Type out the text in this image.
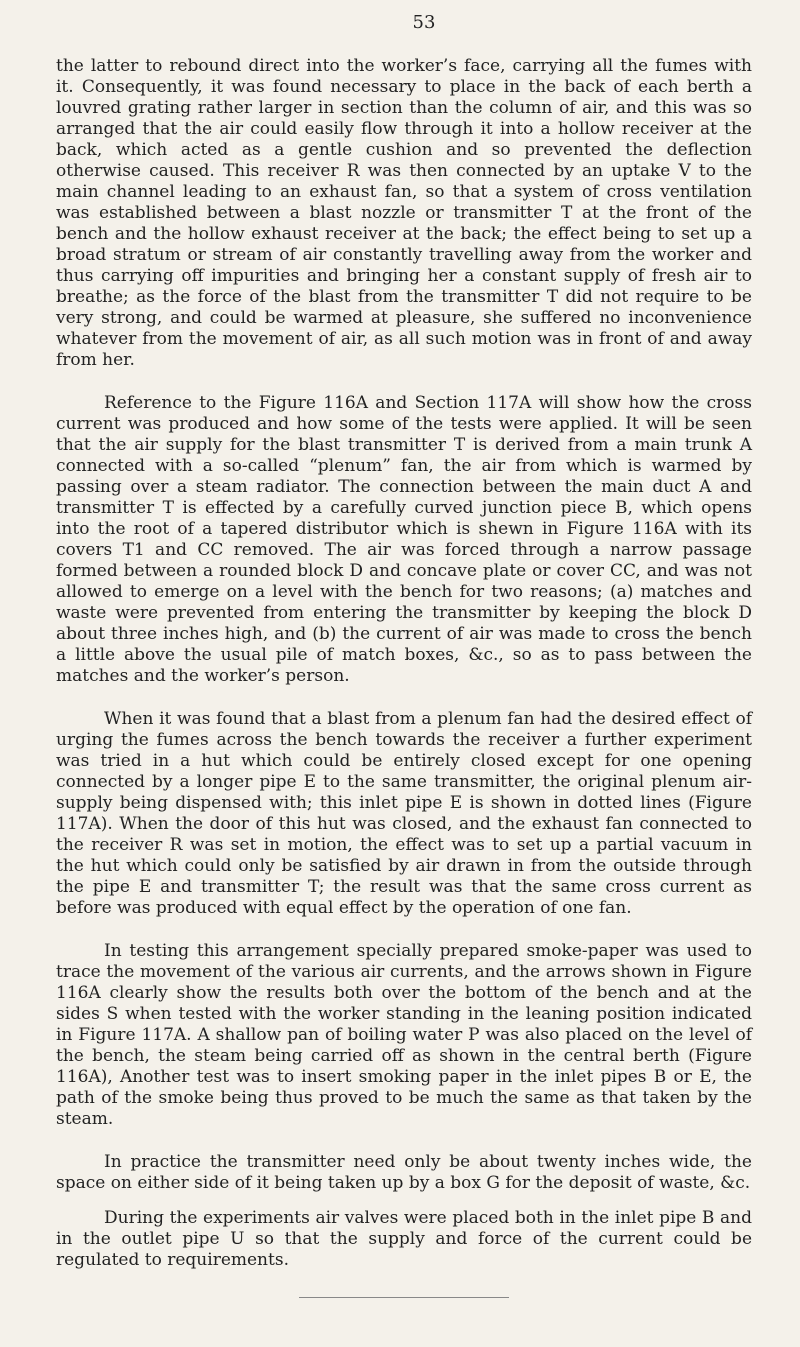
53

the latter to rebound direct into the worker’s face, carrying all the fumes with it. Consequently, it was found necessary to place in the back of each berth a louvred grating rather larger in section than the column of air, and this was so arranged that the air could easily flow through it into a hollow receiver at the back, which acted as a gentle cushion and so prevented the deflection otherwise caused. This receiver R was then connected by an uptake V to the main channel leading to an exhaust fan, so that a system of cross ventilation was established between a blast nozzle or transmitter T at the front of the bench and the hollow exhaust receiver at the back; the effect being to set up a broad stratum or stream of air constantly travelling away from the worker and thus carrying off impurities and bringing her a constant supply of fresh air to breathe; as the force of the blast from the transmitter T did not require to be very strong, and could be warmed at pleasure, she suffered no inconvenience whatever from the movement of air, as all such motion was in front of and away from her.

Reference to the Figure 116A and Section 117A will show how the cross current was produced and how some of the tests were applied. It will be seen that the air supply for the blast transmitter T is derived from a main trunk A connected with a so-called “plenum” fan, the air from which is warmed by passing over a steam radiator. The connection between the main duct A and transmitter T is effected by a carefully curved junction piece B, which opens into the root of a tapered distributor which is shewn in Figure 116A with its covers T1 and CC removed. The air was forced through a narrow passage formed between a rounded block D and concave plate or cover CC, and was not allowed to emerge on a level with the bench for two reasons; (a) matches and waste were prevented from entering the transmitter by keeping the block D about three inches high, and (b) the current of air was made to cross the bench a little above the usual pile of match boxes, &c., so as to pass between the matches and the worker’s person.

When it was found that a blast from a plenum fan had the desired effect of urging the fumes across the bench towards the receiver a further experiment was tried in a hut which could be entirely closed except for one opening connected by a longer pipe E to the same transmitter, the original plenum air-supply being dispensed with; this inlet pipe E is shown in dotted lines (Figure 117A). When the door of this hut was closed, and the exhaust fan connected to the receiver R was set in motion, the effect was to set up a partial vacuum in the hut which could only be satisfied by air drawn in from the outside through the pipe E and transmitter T; the result was that the same cross current as before was produced with equal effect by the operation of one fan.

In testing this arrangement specially prepared smoke-paper was used to trace the movement of the various air currents, and the arrows shown in Figure 116A clearly show the results both over the bottom of the bench and at the sides S when tested with the worker standing in the leaning position indicated in Figure 117A. A shallow pan of boiling water P was also placed on the level of the bench, the steam being carried off as shown in the central berth (Figure 116A), Another test was to insert smoking paper in the inlet pipes B or E, the path of the smoke being thus proved to be much the same as that taken by the steam.

In practice the transmitter need only be about twenty inches wide, the space on either side of it being taken up by a box G for the deposit of waste, &c.

During the experiments air valves were placed both in the inlet pipe B and in the outlet pipe U so that the supply and force of the current could be regulated to requirements.
